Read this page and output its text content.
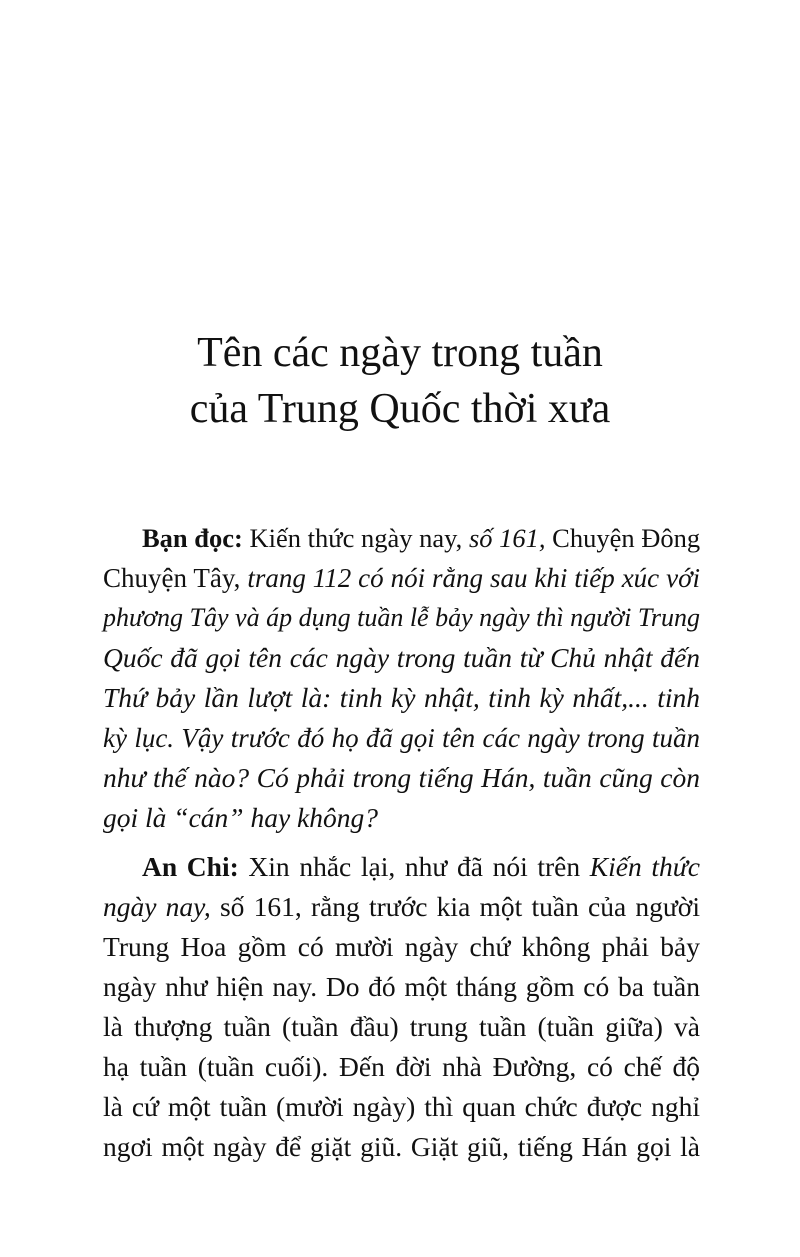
Tên các ngày trong tuần
của Trung Quốc thời xưa
Bạn đọc: Kiến thức ngày nay, số 161, Chuyện Đông
Chuyện Tây, trang 112 có nói rằng sau khi tiếp xúc với
phương Tây và áp dụng tuần lễ bảy ngày thì người Trung
Quốc đã gọi tên các ngày trong tuần từ Chủ nhật đến
Thứ bảy lần lượt là: tinh kỳ nhật, tinh kỳ nhất,... tinh
kỳ lục. Vậy trước đó họ đã gọi tên các ngày trong tuần
như thế nào? Có phải trong tiếng Hán, tuần cũng còn
gọi là “cán” hay không?
An Chi: Xin nhắc lại, như đã nói trên Kiến thức
ngày nay, số 161, rằng trước kia một tuần của người
Trung Hoa gồm có mười ngày chứ không phải bảy
ngày như hiện nay. Do đó một tháng gồm có ba tuần
là thượng tuần (tuần đầu) trung tuần (tuần giữa) và
hạ tuần (tuần cuối). Đến đời nhà Đường, có chế độ
là cứ một tuần (mười ngày) thì quan chức được nghỉ
ngơi một ngày để giặt giũ. Giặt giũ, tiếng Hán gọi là
